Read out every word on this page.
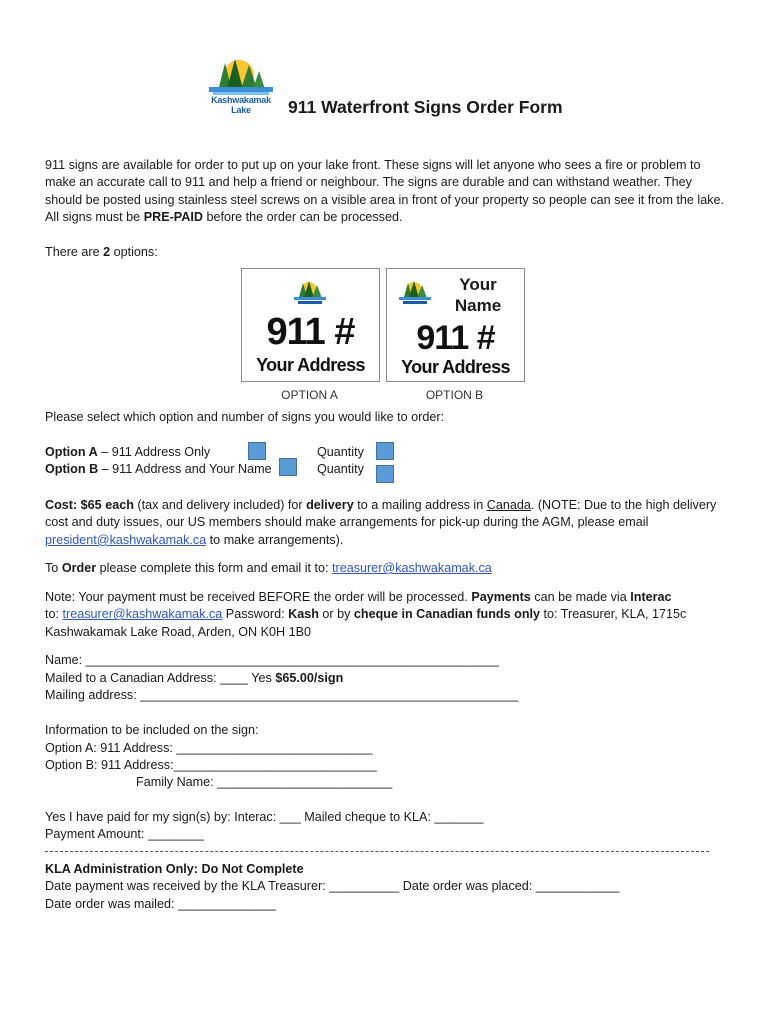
Kashwakamak Lake	911 Waterfront Signs Order Form
911 signs are available for order to put up on your lake front. These signs will let anyone who sees a fire or problem to make an accurate call to 911 and help a friend or neighbour. The signs are durable and can withstand weather. They should be posted using stainless steel screws on a visible area in front of your property so people can see it from the lake. All signs must be PRE-PAID before the order can be processed.
There are 2 options:
911 #
Your Address
OPTION A
Your
Name
911 #
Your Address
OPTION B
Please select which option and number of signs you would like to order:
Option A – 911 Address Only	Quantity
Option B – 911 Address and Your Name	Quantity
Cost: $65 each (tax and delivery included) for delivery to a mailing address in Canada. (NOTE: Due to the high delivery cost and duty issues, our US members should make arrangements for pick-up during the AGM, please email president@kashwakamak.ca to make arrangements).
To Order please complete this form and email it to: treasurer@kashwakamak.ca
Note: Your payment must be received BEFORE the order will be processed. Payments can be made via Interac
to: treasurer@kashwakamak.ca Password: Kash or by cheque in Canadian funds only to: Treasurer, KLA, 1715c
Kashwakamak Lake Road, Arden, ON K0H 1B0
Name: ___________________________________________________________
Mailed to a Canadian Address: ____ Yes $65.00/sign
Mailing address: ______________________________________________________
Information to be included on the sign:
Option A: 911 Address: ____________________________
Option B: 911 Address:_____________________________
Family Name: _________________________
Yes I have paid for my sign(s) by: Interac: ___ Mailed cheque to KLA: _______
Payment Amount: ________
KLA Administration Only: Do Not Complete
Date payment was received by the KLA Treasurer: __________ Date order was placed: ____________
Date order was mailed: ______________
